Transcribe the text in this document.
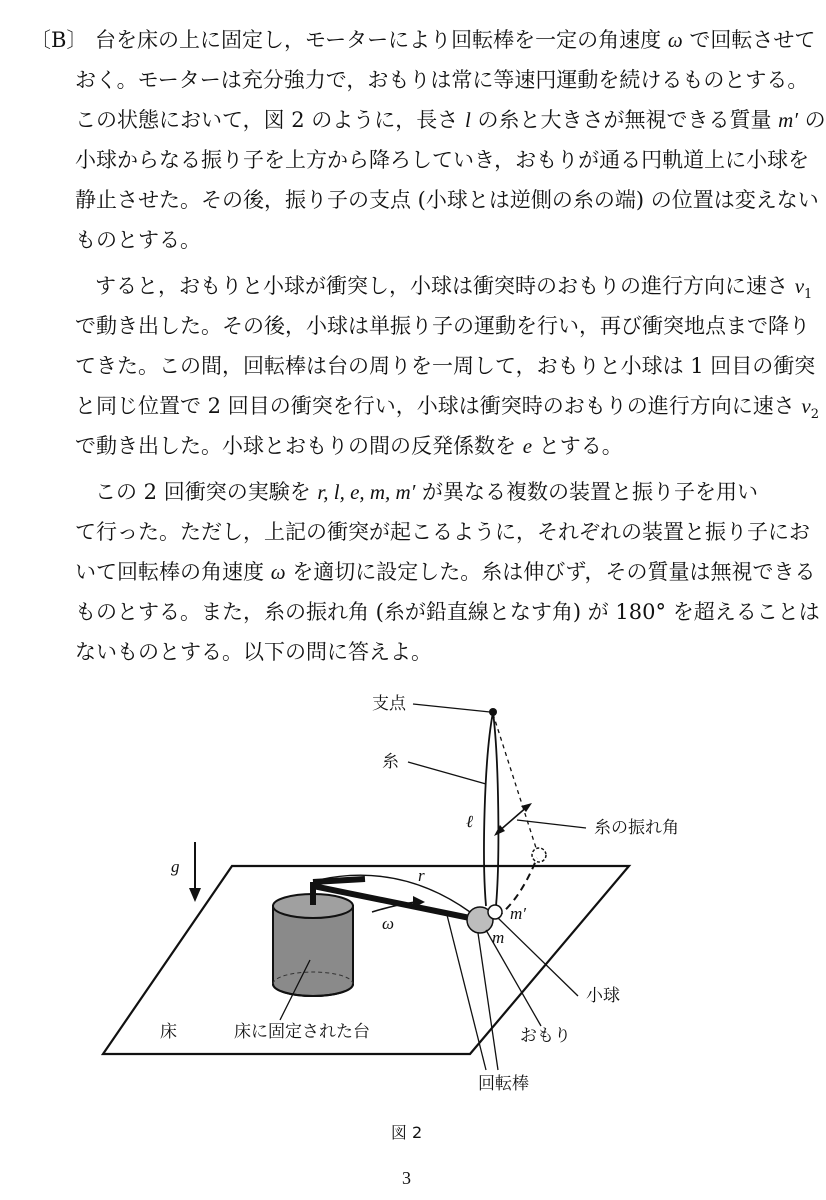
〔B〕 台を床の上に固定し，モーターにより回転棒を一定の角速度 ω で回転させて
おく。モーターは充分強力で，おもりは常に等速円運動を続けるものとする。
この状態において，図 2 のように，長さ l の糸と大きさが無視できる質量 m′ の
小球からなる振り子を上方から降ろしていき，おもりが通る円軌道上に小球を
静止させた。その後，振り子の支点 (小球とは逆側の糸の端) の位置は変えない
ものとする。
すると，おもりと小球が衝突し，小球は衝突時のおもりの進行方向に速さ $v_1$
で動き出した。その後，小球は単振り子の運動を行い，再び衝突地点まで降り
てきた。この間，回転棒は台の周りを一周して，おもりと小球は 1 回目の衝突
と同じ位置で 2 回目の衝突を行い，小球は衝突時のおもりの進行方向に速さ $v_2$
で動き出した。小球とおもりの間の反発係数を e とする。
この 2 回衝突の実験を r, l, e, m, m′ が異なる複数の装置と振り子を用い
て行った。ただし，上記の衝突が起こるように，それぞれの装置と振り子にお
いて回転棒の角速度 ω を適切に設定した。糸は伸びず，その質量は無視できる
ものとする。また，糸の振れ角 (糸が鉛直線となす角) が 180° を超えることは
ないものとする。以下の問に答えよ。
支点
糸
ℓ	糸の振れ角
g	r
ω
m′
m
小球
おもり
床	床に固定された台
回転棒
図 2
3
